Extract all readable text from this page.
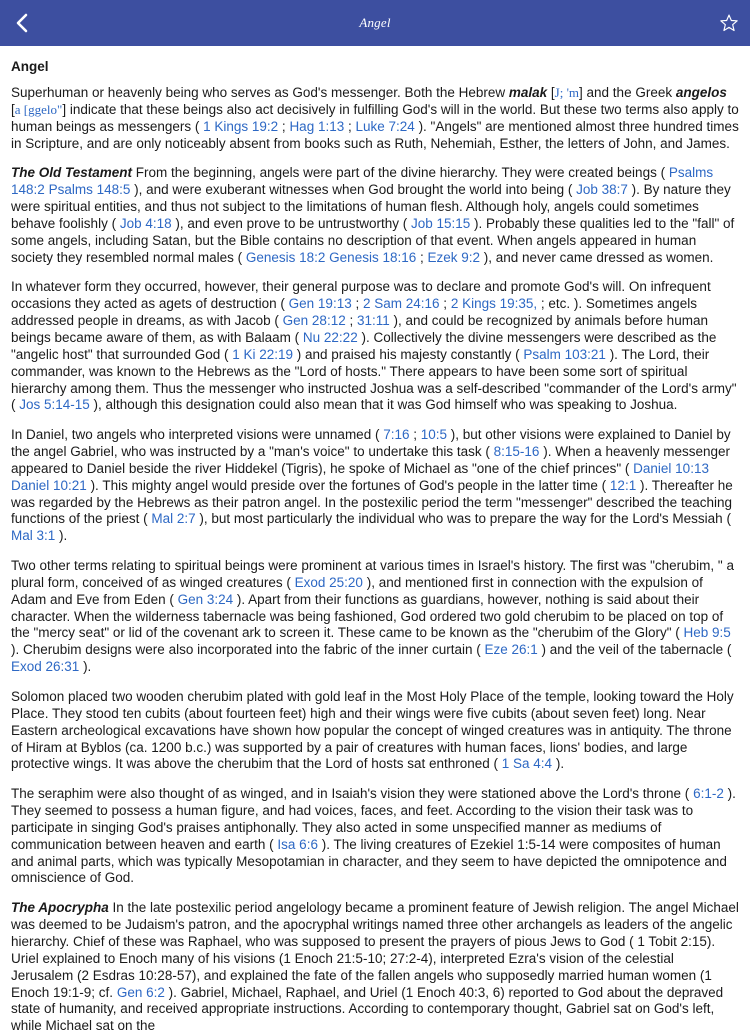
Angel
Angel

Superhuman or heavenly being who serves as God's messenger. Both the Hebrew malak [J; 'm] and the Greek angelos [a [ggelo"] indicate that these beings also act decisively in fulfilling God's will in the world. But these two terms also apply to human beings as messengers ( 1 Kings 19:2 ; Hag 1:13 ; Luke 7:24 ). "Angels" are mentioned almost three hundred times in Scripture, and are only noticeably absent from books such as Ruth, Nehemiah, Esther, the letters of John, and James.

The Old Testament From the beginning, angels were part of the divine hierarchy. They were created beings ( Psalms 148:2 Psalms 148:5 ), and were exuberant witnesses when God brought the world into being ( Job 38:7 ). By nature they were spiritual entities, and thus not subject to the limitations of human flesh. Although holy, angels could sometimes behave foolishly ( Job 4:18 ), and even prove to be untrustworthy ( Job 15:15 ). Probably these qualities led to the "fall" of some angels, including Satan, but the Bible contains no description of that event. When angels appeared in human society they resembled normal males ( Genesis 18:2 Genesis 18:16 ; Ezek 9:2 ), and never came dressed as women.

In whatever form they occurred, however, their general purpose was to declare and promote God's will. On infrequent occasions they acted as agets of destruction ( Gen 19:13 ; 2 Sam 24:16 ; 2 Kings 19:35, ; etc. ). Sometimes angels addressed people in dreams, as with Jacob ( Gen 28:12 ; 31:11 ), and could be recognized by animals before human beings became aware of them, as with Balaam ( Nu 22:22 ). Collectively the divine messengers were described as the "angelic host" that surrounded God ( 1 Ki 22:19 ) and praised his majesty constantly ( Psalm 103:21 ). The Lord, their commander, was known to the Hebrews as the "Lord of hosts." There appears to have been some sort of spiritual hierarchy among them. Thus the messenger who instructed Joshua was a self-described "commander of the Lord's army" ( Jos 5:14-15 ), although this designation could also mean that it was God himself who was speaking to Joshua.

In Daniel, two angels who interpreted visions were unnamed ( 7:16 ; 10:5 ), but other visions were explained to Daniel by the angel Gabriel, who was instructed by a "man's voice" to undertake this task ( 8:15-16 ). When a heavenly messenger appeared to Daniel beside the river Hiddekel (Tigris), he spoke of Michael as "one of the chief princes" ( Daniel 10:13 Daniel 10:21 ). This mighty angel would preside over the fortunes of God's people in the latter time ( 12:1 ). Thereafter he was regarded by the Hebrews as their patron angel. In the postexilic period the term "messenger" described the teaching functions of the priest ( Mal 2:7 ), but most particularly the individual who was to prepare the way for the Lord's Messiah ( Mal 3:1 ).

Two other terms relating to spiritual beings were prominent at various times in Israel's history. The first was "cherubim, " a plural form, conceived of as winged creatures ( Exod 25:20 ), and mentioned first in connection with the expulsion of Adam and Eve from Eden ( Gen 3:24 ). Apart from their functions as guardians, however, nothing is said about their character. When the wilderness tabernacle was being fashioned, God ordered two gold cherubim to be placed on top of the "mercy seat" or lid of the covenant ark to screen it. These came to be known as the "cherubim of the Glory" ( Heb 9:5 ). Cherubim designs were also incorporated into the fabric of the inner curtain ( Eze 26:1 ) and the veil of the tabernacle ( Exod 26:31 ).

Solomon placed two wooden cherubim plated with gold leaf in the Most Holy Place of the temple, looking toward the Holy Place. They stood ten cubits (about fourteen feet) high and their wings were five cubits (about seven feet) long. Near Eastern archeological excavations have shown how popular the concept of winged creatures was in antiquity. The throne of Hiram at Byblos (ca. 1200 b.c.) was supported by a pair of creatures with human faces, lions' bodies, and large protective wings. It was above the cherubim that the Lord of hosts sat enthroned ( 1 Sa 4:4 ).

The seraphim were also thought of as winged, and in Isaiah's vision they were stationed above the Lord's throne ( 6:1-2 ). They seemed to possess a human figure, and had voices, faces, and feet. According to the vision their task was to participate in singing God's praises antiphonally. They also acted in some unspecified manner as mediums of communication between heaven and earth ( Isa 6:6 ). The living creatures of Ezekiel 1:5-14 were composites of human and animal parts, which was typically Mesopotamian in character, and they seem to have depicted the omnipotence and omniscience of God.

The Apocrypha In the late postexilic period angelology became a prominent feature of Jewish religion. The angel Michael was deemed to be Judaism's patron, and the apocryphal writings named three other archangels as leaders of the angelic hierarchy. Chief of these was Raphael, who was supposed to present the prayers of pious Jews to God ( 1 Tobit 2:15). Uriel explained to Enoch many of his visions (1 Enoch 21:5-10; 27:2-4), interpreted Ezra's vision of the celestial Jerusalem (2 Esdras 10:28-57), and explained the fate of the fallen angels who supposedly married human women (1 Enoch 19:1-9; cf. Gen 6:2 ). Gabriel, Michael, Raphael, and Uriel (1 Enoch 40:3, 6) reported to God about the depraved state of humanity, and received appropriate instructions. According to contemporary thought, Gabriel sat on God's left, while Michael sat on the
